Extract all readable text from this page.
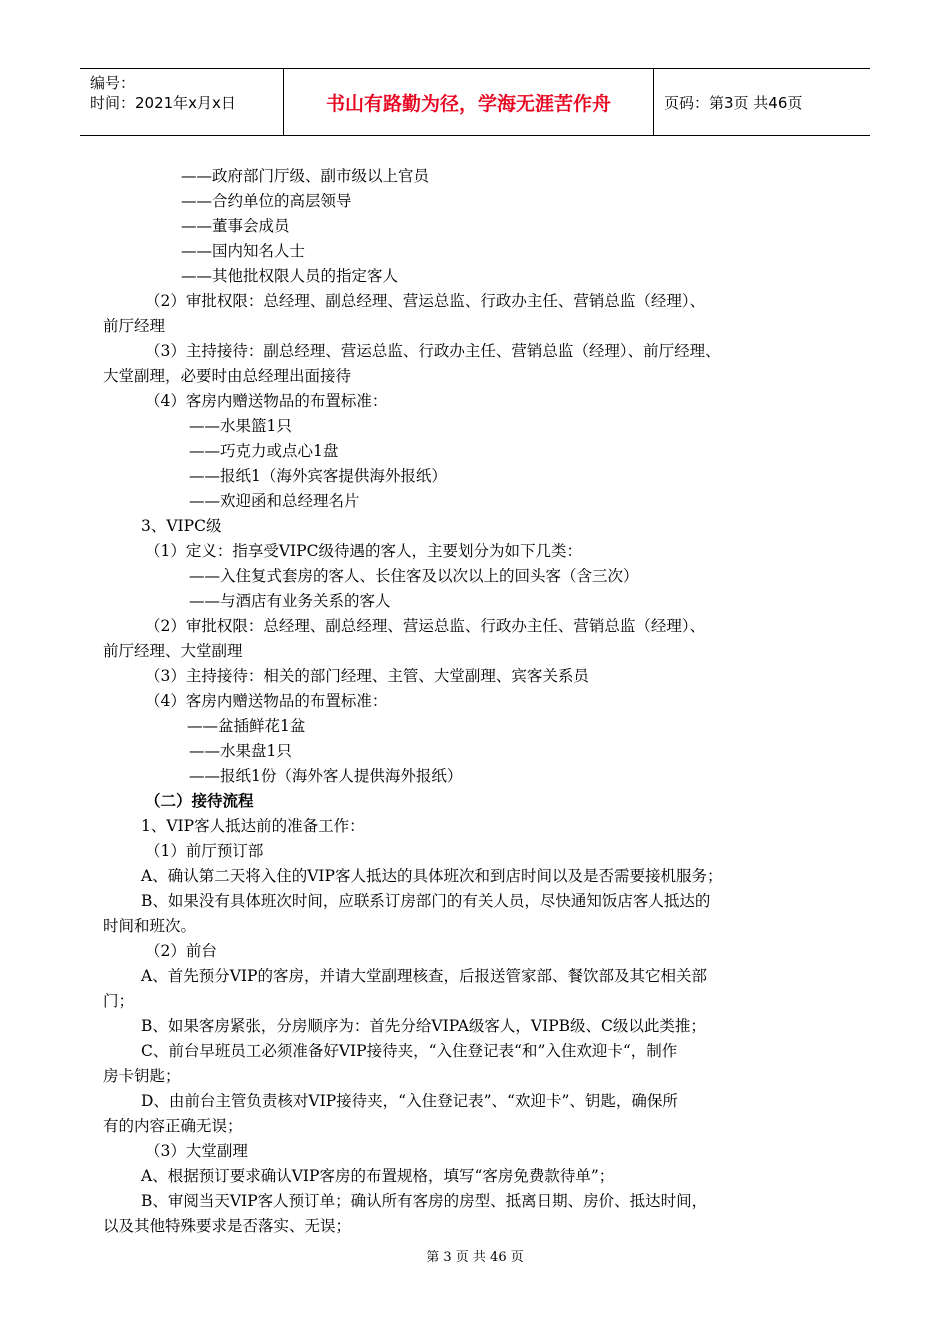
编号：
时间：2021年x月x日	书山有路勤为径，学海无涯苦作舟	页码：第3页 共46页
——政府部门厅级、副市级以上官员
——合约单位的高层领导
——董事会成员
——国内知名人士
——其他批权限人员的指定客人
（2）审批权限：总经理、副总经理、营运总监、行政办主任、营销总监（经理）、
前厅经理
（3）主持接待：副总经理、营运总监、行政办主任、营销总监（经理）、前厅经理、
大堂副理，必要时由总经理出面接待
（4）客房内赠送物品的布置标准：
——水果篮1只
——巧克力或点心1盘
——报纸1（海外宾客提供海外报纸）
——欢迎函和总经理名片
3、VIPC级
（1）定义：指享受VIPC级待遇的客人，主要划分为如下几类：
——入住复式套房的客人、长住客及以次以上的回头客（含三次）
——与酒店有业务关系的客人
（2）审批权限：总经理、副总经理、营运总监、行政办主任、营销总监（经理）、
前厅经理、大堂副理
（3）主持接待：相关的部门经理、主管、大堂副理、宾客关系员
（4）客房内赠送物品的布置标准：
——盆插鲜花1盆
——水果盘1只
——报纸1份（海外客人提供海外报纸）
（二）接待流程
1、VIP客人抵达前的准备工作：
（1）前厅预订部
A、确认第二天将入住的VIP客人抵达的具体班次和到店时间以及是否需要接机服务；
B、如果没有具体班次时间，应联系订房部门的有关人员，尽快通知饭店客人抵达的
时间和班次。
（2）前台
A、首先预分VIP的客房，并请大堂副理核查，后报送管家部、餐饮部及其它相关部
门；
B、如果客房紧张，分房顺序为：首先分给VIPA级客人，VIPB级、C级以此类推；
C、前台早班员工必须准备好VIP接待夹，“入住登记表“和”入住欢迎卡“，制作
房卡钥匙；
D、由前台主管负责核对VIP接待夹，“入住登记表”、“欢迎卡”、钥匙，确保所
有的内容正确无误；
（3）大堂副理
A、根据预订要求确认VIP客房的布置规格，填写“客房免费款待单”；
B、审阅当天VIP客人预订单；确认所有客房的房型、抵离日期、房价、抵达时间，
以及其他特殊要求是否落实、无误；
第 3 页 共 46 页
